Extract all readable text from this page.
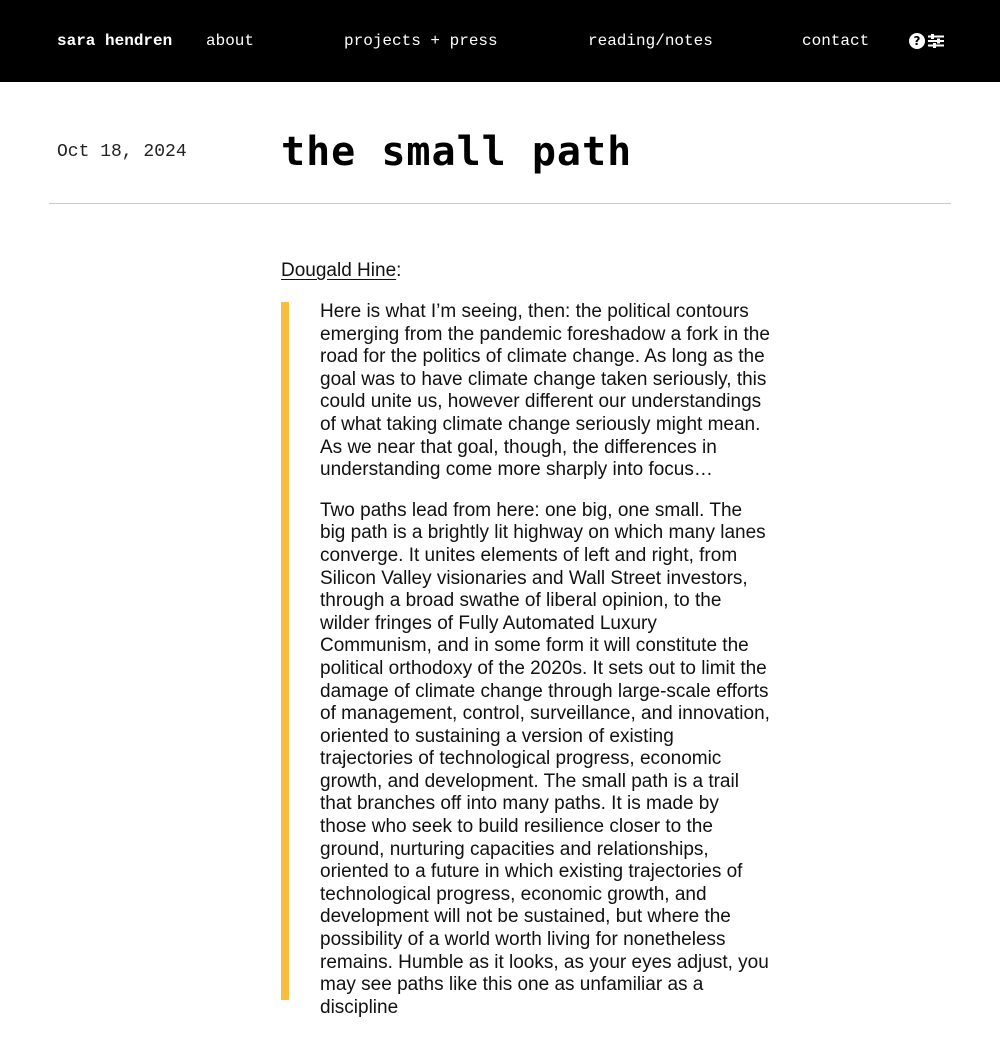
sara hendren about	projects + press	reading/notes	contact	?
Oct 18, 2024 the small path
Dougald Hine:

Here is what I’m seeing, then: the political contours emerging from the pandemic foreshadow a fork in the road for the politics of climate change. As long as the goal was to have climate change taken seriously, this could unite us, however different our understandings of what taking climate change seriously might mean. As we near that goal, though, the differences in understanding come more sharply into focus…

Two paths lead from here: one big, one small. The big path is a brightly lit highway on which many lanes converge. It unites elements of left and right, from Silicon Valley visionaries and Wall Street investors, through a broad swathe of liberal opinion, to the wilder fringes of Fully Automated Luxury Communism, and in some form it will constitute the political orthodoxy of the 2020s. It sets out to limit the damage of climate change through large-scale efforts of management, control, surveillance, and innovation, oriented to sustaining a version of existing trajectories of technological progress, economic growth, and development. The small path is a trail that branches off into many paths. It is made by those who seek to build resilience closer to the ground, nurturing capacities and relationships, oriented to a future in which existing trajectories of technological progress, economic growth, and development will not be sustained, but where the possibility of a world worth living for nonetheless remains. Humble as it looks, as your eyes adjust, you may see paths like this one as unfamiliar as a discipline
